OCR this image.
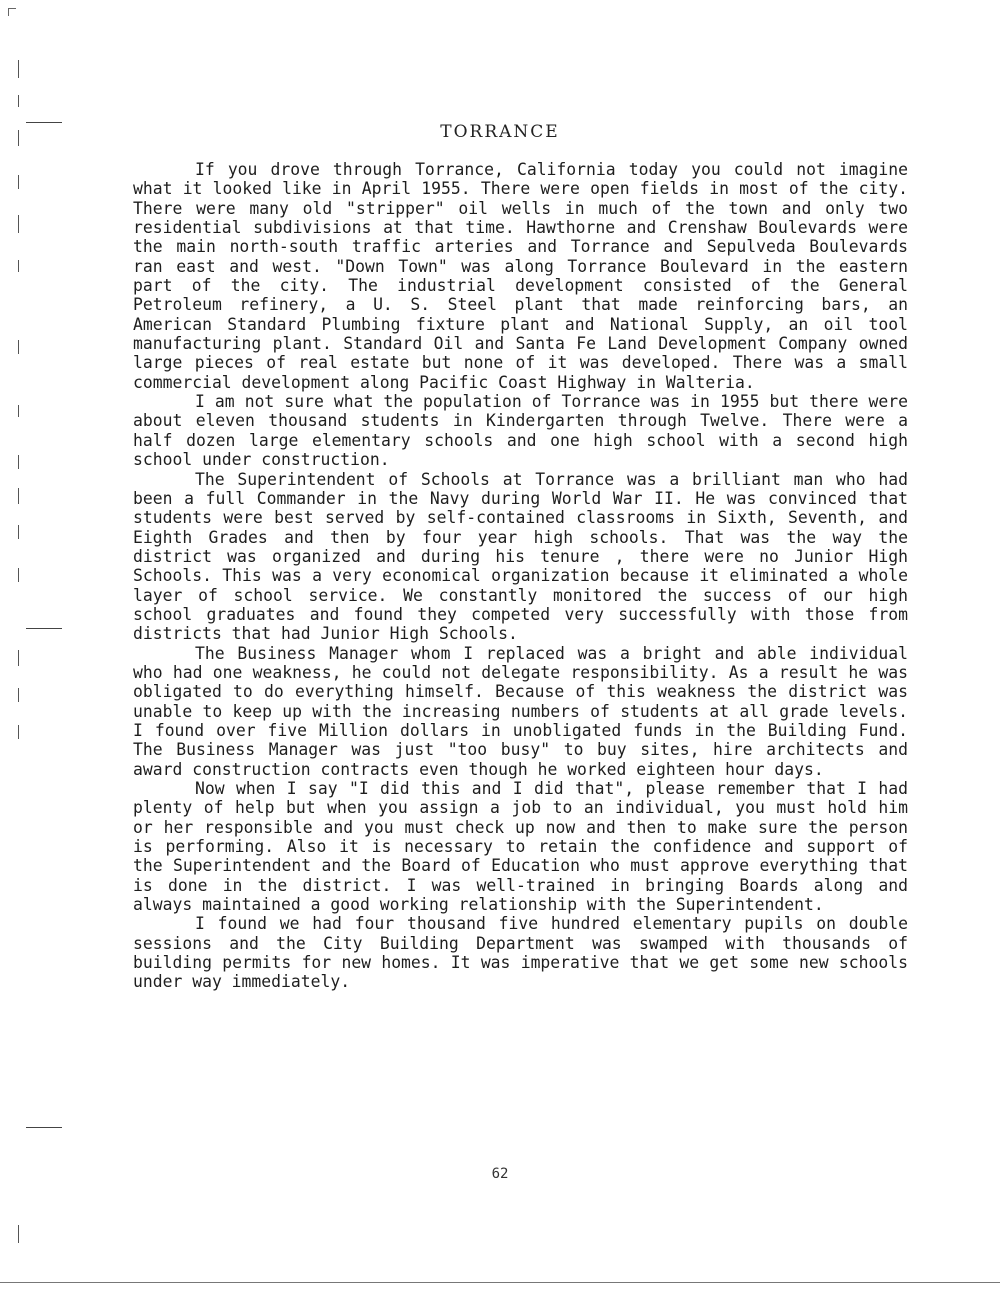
TORRANCE

If you drove through Torrance, California today you could not imagine what it looked like in April 1955. There were open fields in most of the city. There were many old "stripper" oil wells in much of the town and only two residential subdivisions at that time. Hawthorne and Crenshaw Boulevards were the main north-south traffic arteries and Torrance and Sepulveda Boulevards ran east and west. "Down Town" was along Torrance Boulevard in the eastern part of the city. The industrial development consisted of the General Petroleum refinery, a U. S. Steel plant that made reinforcing bars, an American Standard Plumbing fixture plant and National Supply, an oil tool manufacturing plant. Standard Oil and Santa Fe Land Development Company owned large pieces of real estate but none of it was developed. There was a small commercial development along Pacific Coast Highway in Walteria.

I am not sure what the population of Torrance was in 1955 but there were about eleven thousand students in Kindergarten through Twelve. There were a half dozen large elementary schools and one high school with a second high school under construction.

The Superintendent of Schools at Torrance was a brilliant man who had been a full Commander in the Navy during World War II. He was convinced that students were best served by self-contained classrooms in Sixth, Seventh, and Eighth Grades and then by four year high schools. That was the way the district was organized and during his tenure , there were no Junior High Schools. This was a very economical organization because it eliminated a whole layer of school service. We constantly monitored the success of our high school graduates and found they competed very successfully with those from districts that had Junior High Schools.

The Business Manager whom I replaced was a bright and able individual who had one weakness, he could not delegate responsibility. As a result he was obligated to do everything himself. Because of this weakness the district was unable to keep up with the increasing numbers of students at all grade levels. I found over five Million dollars in unobligated funds in the Building Fund. The Business Manager was just "too busy" to buy sites, hire architects and award construction contracts even though he worked eighteen hour days.

Now when I say "I did this and I did that", please remember that I had plenty of help but when you assign a job to an individual, you must hold him or her responsible and you must check up now and then to make sure the person is performing. Also it is necessary to retain the confidence and support of the Superintendent and the Board of Education who must approve everything that is done in the district. I was well-trained in bringing Boards along and always maintained a good working relationship with the Superintendent.

I found we had four thousand five hundred elementary pupils on double sessions and the City Building Department was swamped with thousands of building permits for new homes. It was imperative that we get some new schools under way immediately.

62
